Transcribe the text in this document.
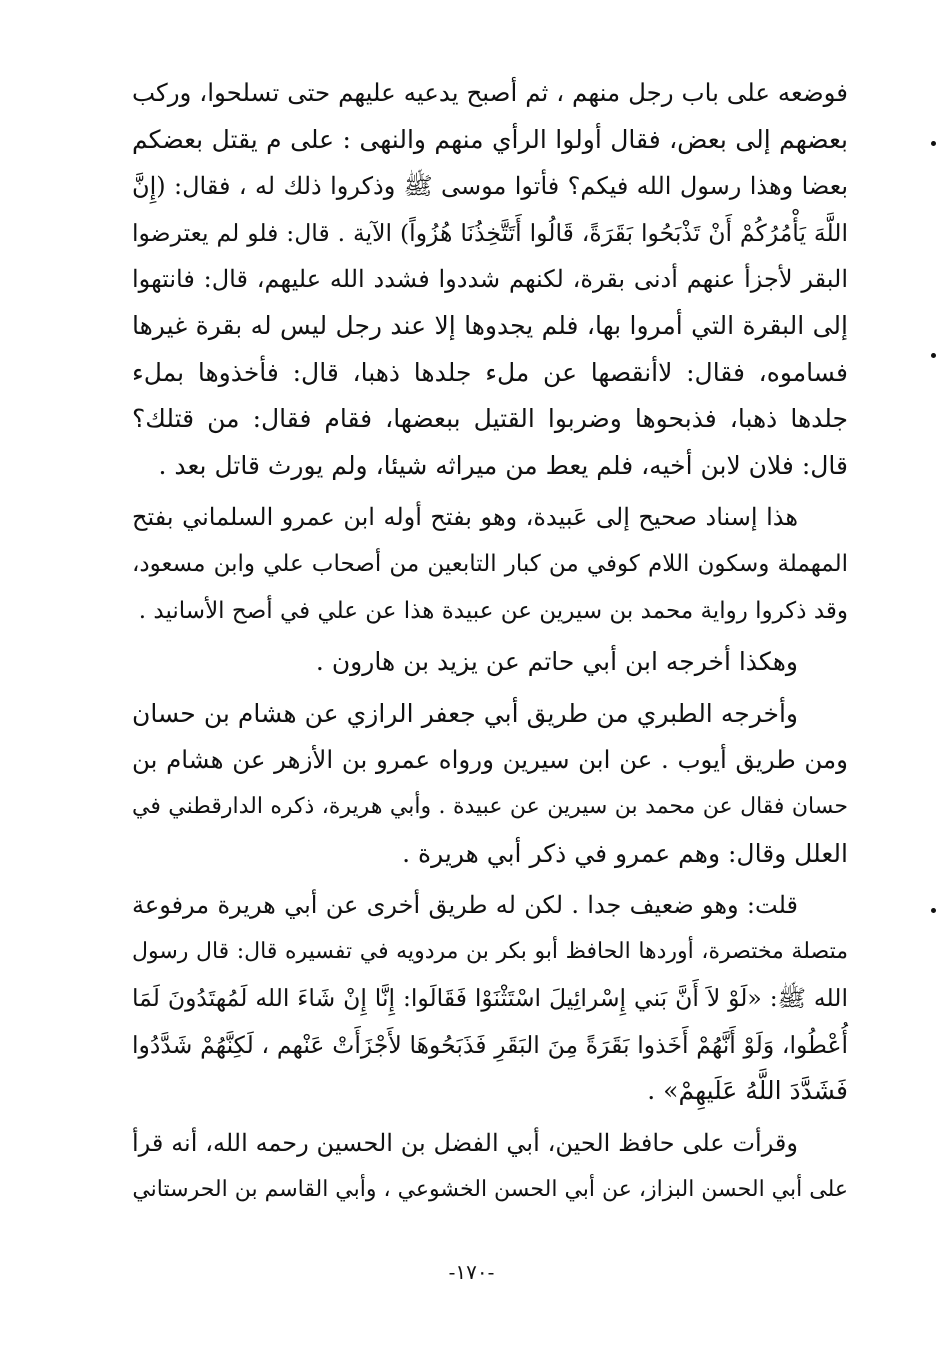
فوضعه على باب رجل منهم ، ثم أصبح يدعيه عليهم حتى تسلحوا، وركب
بعضهم إلى بعض، فقال أولوا الرأي منهم والنهى : على م يقتل بعضكم
بعضا وهذا رسول الله فيكم؟ فأتوا موسى ﷺ وذكروا ذلك له ، فقال: (إِنَّ
اللَّهَ يَأْمُرُكُمْ أَنْ تَذْبَحُوا بَقَرَةً، قَالُوا أَتَتَّخِذُنَا هُزُواً) الآية . قال: فلو لم يعترضوا
البقر لأجزأ عنهم أدنى بقرة، لكنهم شددوا فشدد الله عليهم، قال: فانتهوا
إلى البقرة التي أمروا بها، فلم يجدوها إلا عند رجل ليس له بقرة غيرها
فساموه، فقال: لاأنقصها عن ملء جلدها ذهبا، قال: فأخذوها بملء
جلدها ذهبا، فذبحوها وضربوا القتيل ببعضها، فقام فقال: من قتلك؟
قال: فلان لابن أخيه، فلم يعط من ميراثه شيئا، ولم يورث قاتل بعد .

هذا إسناد صحيح إلى عَبيدة، وهو بفتح أوله ابن عمرو السلماني بفتح
المهملة وسكون اللام كوفي من كبار التابعين من أصحاب علي وابن مسعود،
وقد ذكروا رواية محمد بن سيرين عن عبيدة هذا عن علي في أصح الأسانيد .

وهكذا أخرجه ابن أبي حاتم عن يزيد بن هارون .

وأخرجه الطبري من طريق أبي جعفر الرازي عن هشام بن حسان
ومن طريق أيوب . عن ابن سيرين ورواه عمرو بن الأزهر عن هشام بن
حسان فقال عن محمد بن سيرين عن عبيدة . وأبي هريرة، ذكره الدارقطني في
العلل وقال: وهم عمرو في ذكر أبي هريرة .

قلت: وهو ضعيف جدا . لكن له طريق أخرى عن أبي هريرة مرفوعة
متصلة مختصرة، أوردها الحافظ أبو بكر بن مردويه في تفسيره قال: قال رسول
الله ﷺ: «لَوْ لاَ أَنَّ بَني إِسْرائِيلَ اسْتَثْنَوْا فَقَالَوا: إِنَّا إِنْ شَاءَ الله لَمُهتَدُونَ لَمَا
أُعْطُوا، وَلَوْ أَنَّهُمْ أَخَذوا بَقَرَةً مِنَ البَقَرِ فَذَبَحُوهَا لأَجْزَأَتْ عَنْهم ، لَكِنَّهُمْ شَدَّدُوا
فَشَدَّدَ اللَّهُ عَلَيهِمْ» .

وقرأت على حافظ الحين، أبي الفضل بن الحسين رحمه الله، أنه قرأ
على أبي الحسن البزاز، عن أبي الحسن الخشوعي ، وأبي القاسم بن الحرستاني

-١٧٠-
